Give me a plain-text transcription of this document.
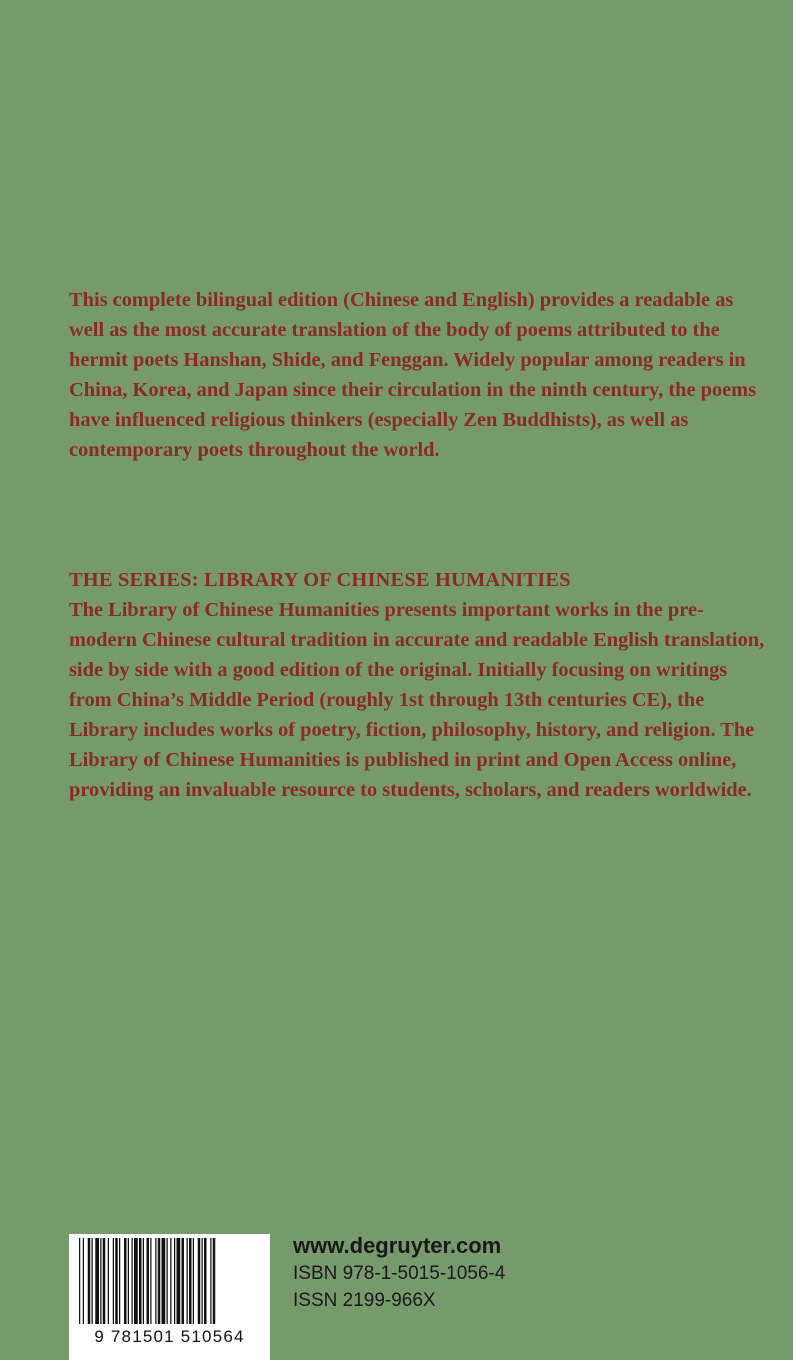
This complete bilingual edition (Chinese and English) provides a readable as well as the most accurate translation of the body of poems attributed to the hermit poets Hanshan, Shide, and Fenggan. Widely popular among readers in China, Korea, and Japan since their circulation in the ninth century, the poems have influenced religious thinkers (especially Zen Buddhists), as well as contemporary poets throughout the world.

THE SERIES: LIBRARY OF CHINESE HUMANITIES

The Library of Chinese Humanities presents important works in the pre-modern Chinese cultural tradition in accurate and readable English translation, side by side with a good edition of the original. Initially focusing on writings from China’s Middle Period (roughly 1st through 13th centuries CE), the Library includes works of poetry, fiction, philosophy, history, and religion. The Library of Chinese Humanities is published in print and Open Access online, providing an invaluable resource to students, scholars, and readers worldwide.

9 781501 510564
www.degruyter.com
ISBN 978-1-5015-1056-4
ISSN 2199-966X
